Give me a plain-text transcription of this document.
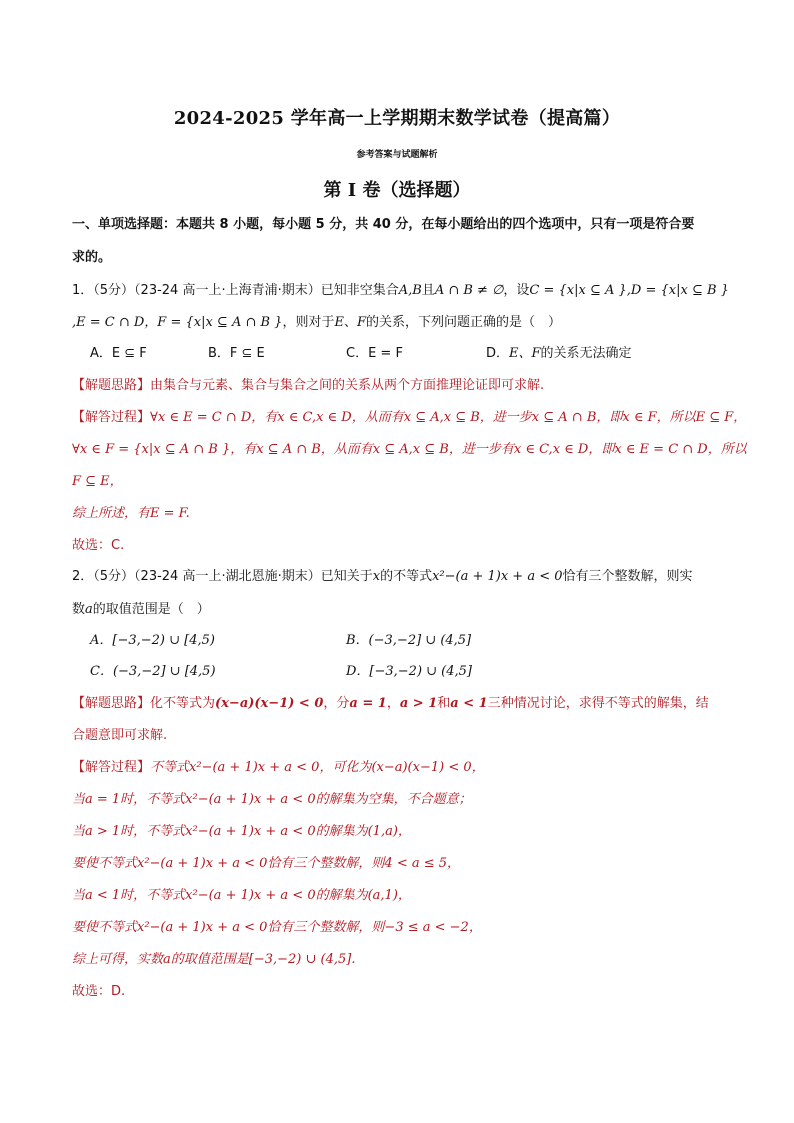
2024-2025 学年高一上学期期末数学试卷（提高篇）
参考答案与试题解析
第 I 卷（选择题）
一、单项选择题：本题共 8 小题，每小题 5 分，共 40 分，在每小题给出的四个选项中，只有一项是符合要
求的。
1．（5分）（23-24 高一上·上海青浦·期末）已知非空集合A,B且A ∩ B ≠ ∅，设C = {x|x ⊆ A },D = {x|x ⊆ B }
,E = C ∩ D，F = {x|x ⊆ A ∩ B }，则对于E、F的关系，下列问题正确的是（　）
A．E ⊆ F	B．F ⊆ E	C．E = F	D．E、F的关系无法确定
【解题思路】由集合与元素、集合与集合之间的关系从两个方面推理论证即可求解.
【解答过程】∀x ∈ E = C ∩ D，有x ∈ C,x ∈ D，从而有x ⊆ A,x ⊆ B，进一步x ⊆ A ∩ B，即x ∈ F，所以E ⊆ F，
∀x ∈ F = {x|x ⊆ A ∩ B }，有x ⊆ A ∩ B，从而有x ⊆ A,x ⊆ B，进一步有x ∈ C,x ∈ D，即x ∈ E = C ∩ D，所以
F ⊆ E，
综上所述，有E = F.
故选：C.
2．（5分）（23-24 高一上·湖北恩施·期末）已知关于x的不等式x²−(a + 1)x + a < 0恰有三个整数解，则实
数a的取值范围是（　）
A．[−3,−2) ∪ [4,5)	B．(−3,−2] ∪ (4,5]
C．(−3,−2] ∪ [4,5)	D．[−3,−2) ∪ (4,5]
【解题思路】化不等式为(x−a)(x−1) < 0，分a = 1，a > 1和a < 1三种情况讨论，求得不等式的解集，结
合题意即可求解.
【解答过程】不等式x²−(a + 1)x + a < 0，可化为(x−a)(x−1) < 0，
当a = 1时，不等式x²−(a + 1)x + a < 0的解集为空集，不合题意；
当a > 1时，不等式x²−(a + 1)x + a < 0的解集为(1,a)，
要使不等式x²−(a + 1)x + a < 0恰有三个整数解，则4 < a ≤ 5，
当a < 1时，不等式x²−(a + 1)x + a < 0的解集为(a,1)，
要使不等式x²−(a + 1)x + a < 0恰有三个整数解，则−3 ≤ a < −2，
综上可得，实数a的取值范围是[−3,−2) ∪ (4,5].
故选：D.
